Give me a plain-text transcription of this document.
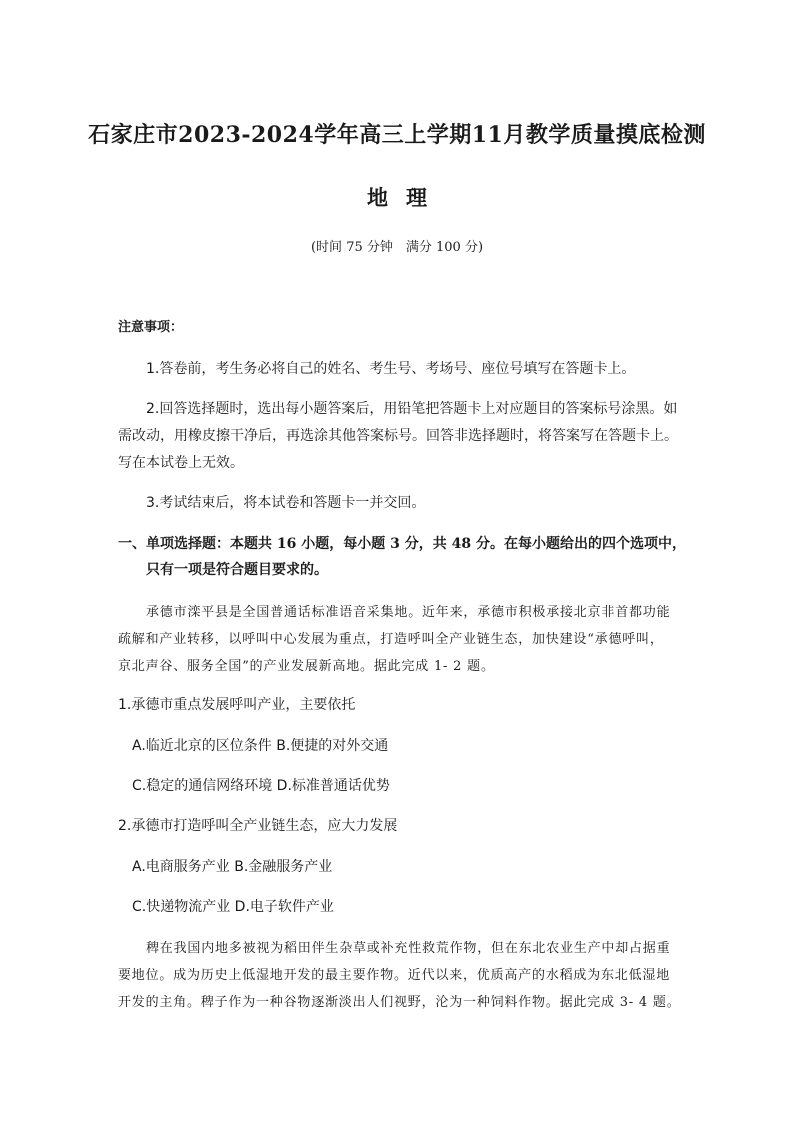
石家庄市2023-2024学年高三上学期11月教学质量摸底检测
地理
(时间 75 分钟　满分 100 分)
注意事项：
1.答卷前，考生务必将自己的姓名、考生号、考场号、座位号填写在答题卡上。
2.回答选择题时，选出每小题答案后，用铅笔把答题卡上对应题目的答案标号涂黑。如
需改动，用橡皮擦干净后，再选涂其他答案标号。回答非选择题时，将答案写在答题卡上。
写在本试卷上无效。
3.考试结束后，将本试卷和答题卡一并交回。
一、单项选择题：本题共 16 小题，每小题 3 分，共 48 分。在每小题给出的四个选项中，
只有一项是符合题目要求的。
承德市滦平县是全国普通话标准语音采集地。近年来，承德市积极承接北京非首都功能
疏解和产业转移，以呼叫中心发展为重点，打造呼叫全产业链生态，加快建设“承德呼叫，
京北声谷、服务全国”的产业发展新高地。据此完成 1- 2 题。
1.承德市重点发展呼叫产业，主要依托
A.临近北京的区位条件 B.便捷的对外交通
C.稳定的通信网络环境 D.标准普通话优势
2.承德市打造呼叫全产业链生态，应大力发展
A.电商服务产业 B.金融服务产业
C.快递物流产业 D.电子软件产业
稗在我国内地多被视为稻田伴生杂草或补充性救荒作物，但在东北农业生产中却占据重
要地位。成为历史上低湿地开发的最主要作物。近代以来，优质高产的水稻成为东北低湿地
开发的主角。稗子作为一种谷物逐渐淡出人们视野，沦为一种饲料作物。据此完成 3- 4 题。
